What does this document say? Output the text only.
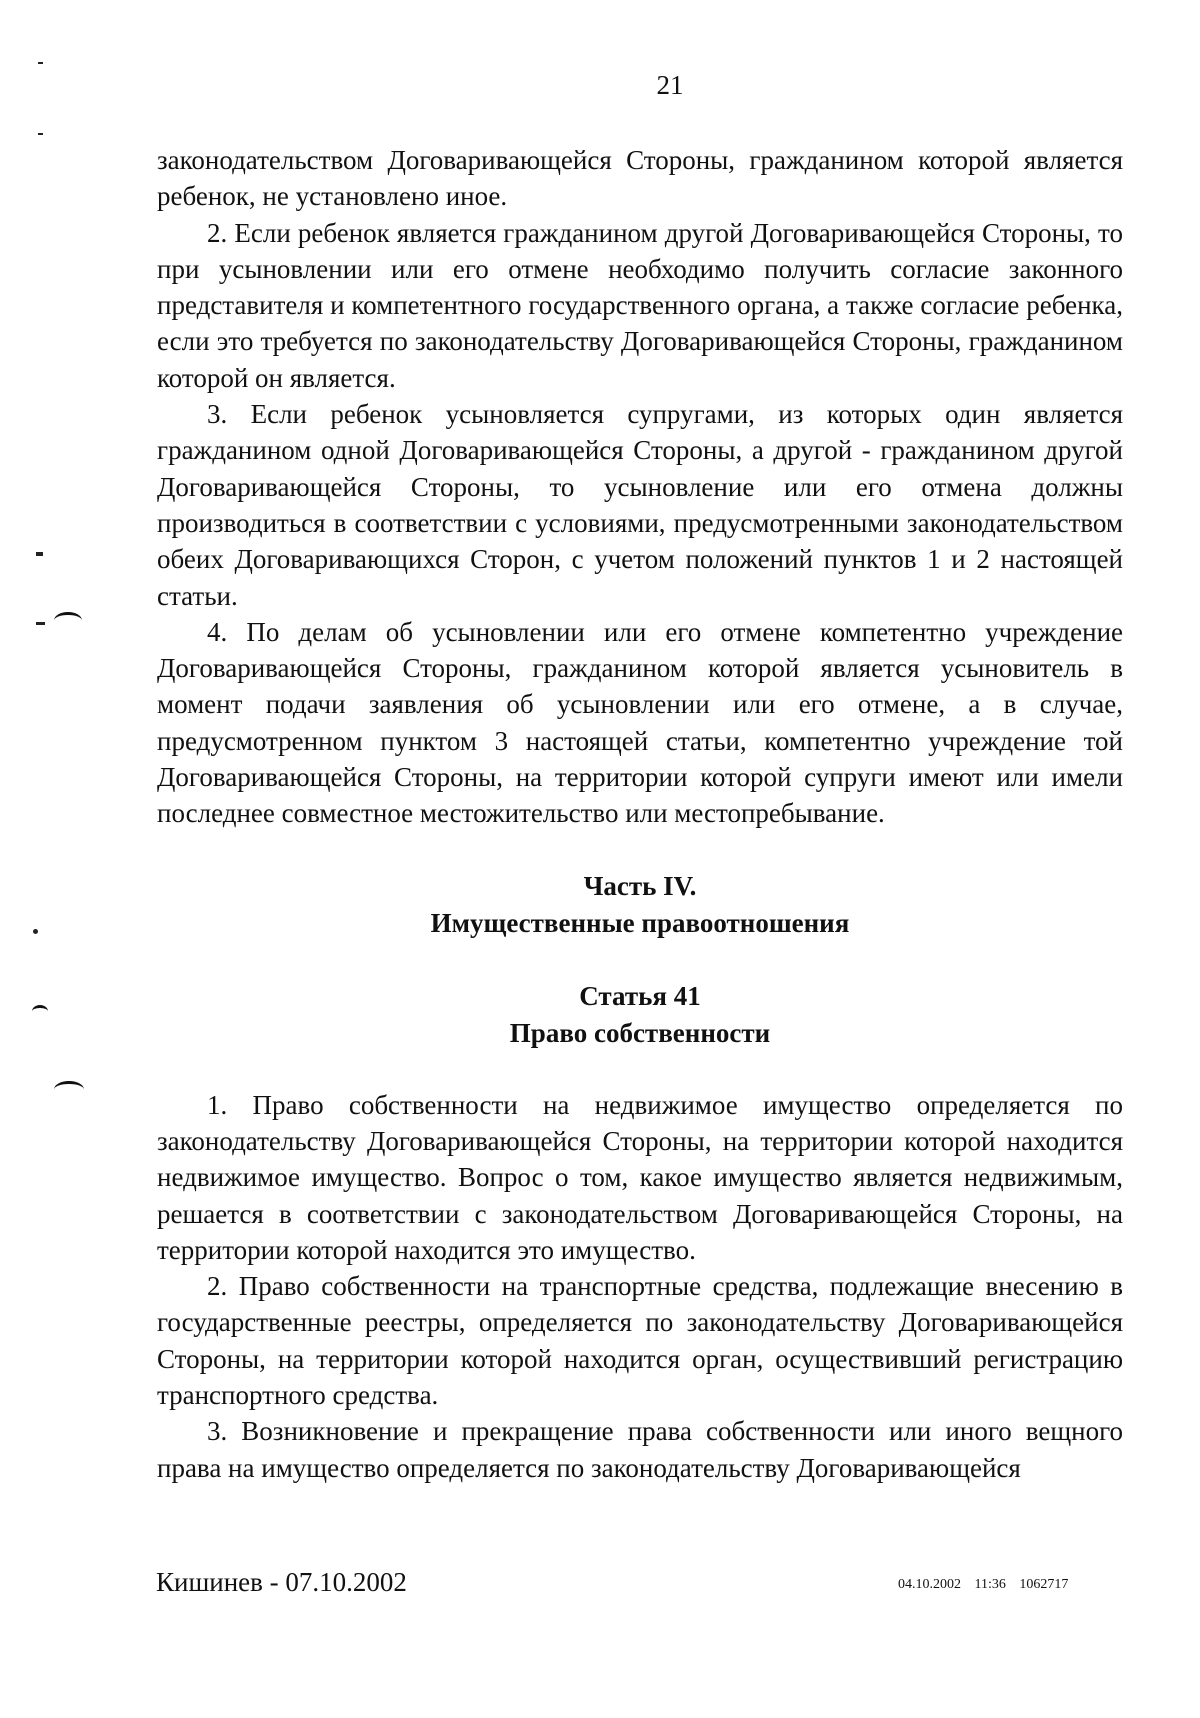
21

законодательством Договаривающейся Стороны, гражданином которой является ребенок, не установлено иное.

2. Если ребенок является гражданином другой Договаривающейся Стороны, то при усыновлении или его отмене необходимо получить согласие законного представителя и компетентного государственного органа, а также согласие ребенка, если это требуется по законодательству Договаривающейся Стороны, гражданином которой он является.

3. Если ребенок усыновляется супругами, из которых один является гражданином одной Договаривающейся Стороны, а другой - гражданином другой Договаривающейся Стороны, то усыновление или его отмена должны производиться в соответствии с условиями, предусмотренными законодательством обеих Договаривающихся Сторон, с учетом положений пунктов 1 и 2 настоящей статьи.

4. По делам об усыновлении или его отмене компетентно учреждение Договаривающейся Стороны, гражданином которой является усыновитель в момент подачи заявления об усыновлении или его отмене, а в случае, предусмотренном пунктом 3 настоящей статьи, компетентно учреждение той Договаривающейся Стороны, на территории которой супруги имеют или имели последнее совместное местожительство или местопребывание.

Часть IV.

Имущественные правоотношения

Статья 41

Право собственности

1. Право собственности на недвижимое имущество определяется по законодательству Договаривающейся Стороны, на территории которой находится недвижимое имущество. Вопрос о том, какое имущество является недвижимым, решается в соответствии с законодательством Договаривающейся Стороны, на территории которой находится это имущество.

2. Право собственности на транспортные средства, подлежащие внесению в государственные реестры, определяется по законодательству Договаривающейся Стороны, на территории которой находится орган, осуществивший регистрацию транспортного средства.

3. Возникновение и прекращение права собственности или иного вещного права на имущество определяется по законодательству Договаривающейся

Кишинев - 07.10.2002	04.10.2002 11:36 1062717
